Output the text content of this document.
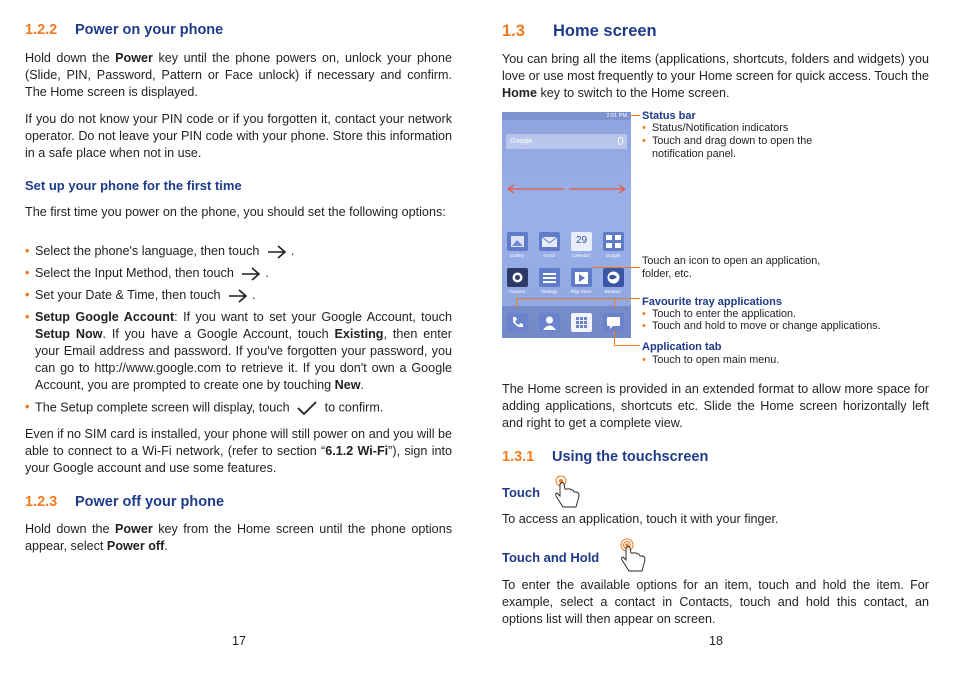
1.2.2 Power on your phone
Hold down the Power key until the phone powers on, unlock your phone (Slide, PIN, Password, Pattern or Face unlock) if necessary and confirm. The Home screen is displayed.
If you do not know your PIN code or if you forgotten it, contact your network operator. Do not leave your PIN code with your phone. Store this information in a safe place when not in use.
Set up your phone for the first time
The first time you power on the phone, you should set the following options:
• Select the phone's language, then touch	.
• Select the Input Method, then touch	.
• Set your Date & Time, then touch	.
• Setup Google Account: If you want to set your Google Account, touch Setup Now. If you have a Google Account, touch Existing, then enter your Email address and password. If you've forgotten your password, you can go to http://www.google.com to retrieve it. If you don't own a Google Account, you are prompted to create one by touching New.
• The Setup complete screen will display, touch	to confirm.
Even if no SIM card is installed, your phone will still power on and you will be able to connect to a Wi-Fi network, (refer to section “6.1.2 Wi-Fi”), sign into your Google account and use some features.
1.2.3 Power off your phone
Hold down the Power key from the Home screen until the phone options appear, select Power off.
17
1.3 Home screen
You can bring all the items (applications, shortcuts, folders and widgets) you love or use most frequently to your Home screen for quick access. Touch the Home key to switch to the Home screen.
2:01 PM
Google
29
Gallery	Email	Calendar	Google
Camera	Settings	Play Store	Browser
Status bar
• Status/Notification indicators
• Touch and drag down to open the notification panel.
Touch an icon to open an application, folder, etc.
Favourite tray applications
• Touch to enter the application.
• Touch and hold to move or change applications.
Application tab
• Touch to open main menu.
The Home screen is provided in an extended format to allow more space for adding applications, shortcuts etc. Slide the Home screen horizontally left and right to get a complete view.
1.3.1 Using the touchscreen
Touch
To access an application, touch it with your finger.
Touch and Hold
To enter the available options for an item, touch and hold the item. For example, select a contact in Contacts, touch and hold this contact, an options list will then appear on screen.
18
